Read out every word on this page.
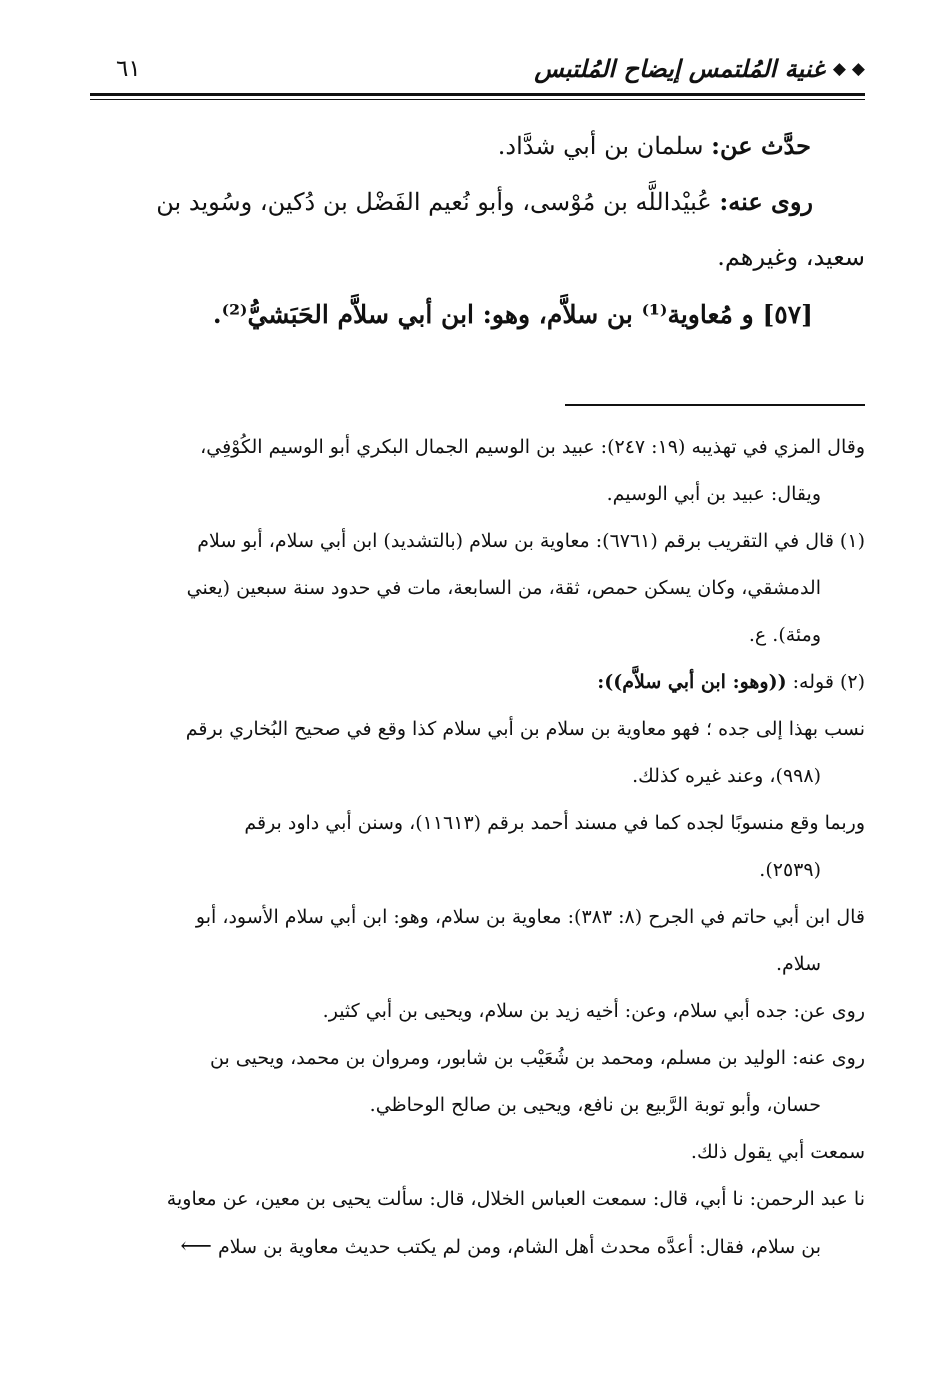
◆ ◆ غنية المُلتمس إيضاح المُلتبس
٦١

حدَّث عن: سلمان بن أبي شدَّاد.

روى عنه: عُبيْداللَّه بن مُوْسى، وأبو نُعيم الفَضْل بن دُكين، وسُويد بن

سعيد، وغيرهم.

[٥٧] و مُعاوية⁽¹⁾ بن سلاَّم، وهو: ابن أبي سلاَّم الحَبَشيُّ⁽²⁾.

وقال المزي في تهذيبه (١٩: ٢٤٧): عبيد بن الوسيم الجمال البكري أبو الوسيم الكُوْفِي،

ويقال: عبيد بن أبي الوسيم.

(١) قال في التقريب برقم (٦٧٦١): معاوية بن سلام (بالتشديد) ابن أبي سلام، أبو سلام

الدمشقي، وكان يسكن حمص، ثقة، من السابعة، مات في حدود سنة سبعين (يعني

ومئة). ع.

(٢) قوله: ((وهو: ابن أبي سلاَّم)):

نسب بهذا إلى جده ؛ فهو معاوية بن سلام بن أبي سلام كذا وقع في صحيح البُخاري برقم

(٩٩٨)، وعند غيره كذلك.

وربما وقع منسوبًا لجده كما في مسند أحمد برقم (١١٦١٣)، وسنن أبي داود برقم

(٢٥٣٩).

قال ابن أبي حاتم في الجرح (٨: ٣٨٣): معاوية بن سلام، وهو: ابن أبي سلام الأسود، أبو

سلام.

روى عن: جده أبي سلام، وعن: أخيه زيد بن سلام، ويحيى بن أبي كثير.

روى عنه: الوليد بن مسلم، ومحمد بن شُعَيْب بن شابور، ومروان بن محمد، ويحيى بن

حسان، وأبو توبة الرَّبيع بن نافع، ويحيى بن صالح الوحاظي.

سمعت أبي يقول ذلك.

نا عبد الرحمن: نا أبي، قال: سمعت العباس الخلال، قال: سألت يحيى بن معين، عن معاوية

بن سلام، فقال: أعدَّه محدث أهل الشام، ومن لم يكتب حديث معاوية بن سلام ⟵
